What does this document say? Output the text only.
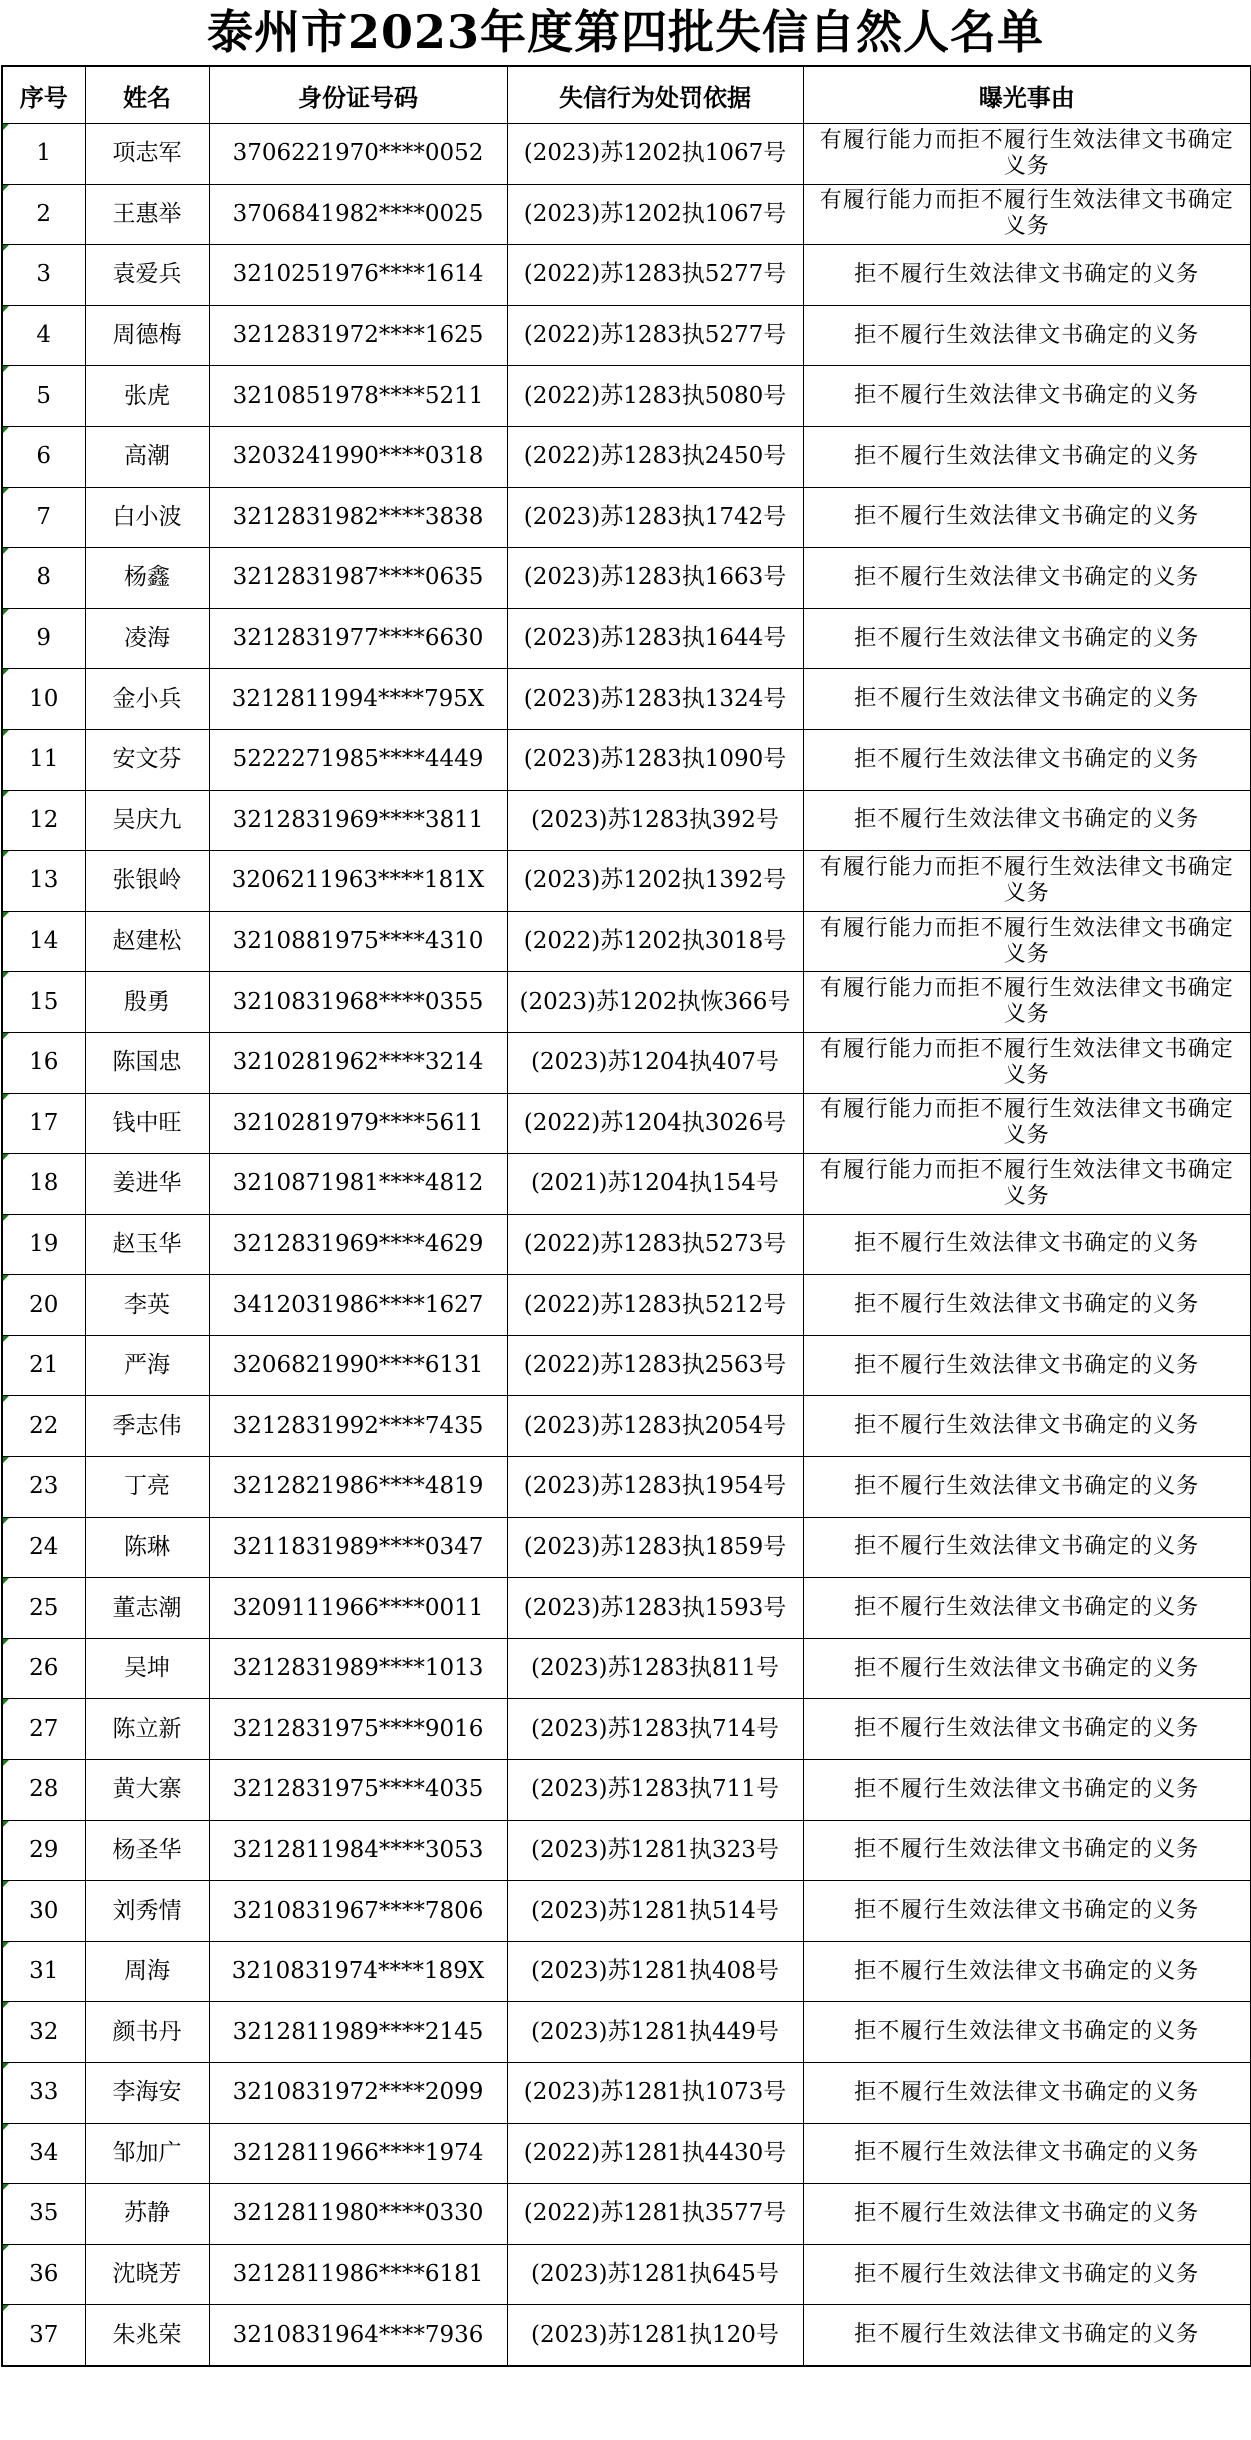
泰州市2023年度第四批失信自然人名单
序号	姓名	身份证号码	失信行为处罚依据	曝光事由
1	项志军	3706221970****0052	(2023)苏1202执1067号	有履行能力而拒不履行生效法律文书确定义务
2	王惠举	3706841982****0025	(2023)苏1202执1067号	有履行能力而拒不履行生效法律文书确定义务
3	袁爱兵	3210251976****1614	(2022)苏1283执5277号	拒不履行生效法律文书确定的义务
4	周德梅	3212831972****1625	(2022)苏1283执5277号	拒不履行生效法律文书确定的义务
5	张虎	3210851978****5211	(2022)苏1283执5080号	拒不履行生效法律文书确定的义务
6	高潮	3203241990****0318	(2022)苏1283执2450号	拒不履行生效法律文书确定的义务
7	白小波	3212831982****3838	(2023)苏1283执1742号	拒不履行生效法律文书确定的义务
8	杨鑫	3212831987****0635	(2023)苏1283执1663号	拒不履行生效法律文书确定的义务
9	凌海	3212831977****6630	(2023)苏1283执1644号	拒不履行生效法律文书确定的义务
10	金小兵	3212811994****795X	(2023)苏1283执1324号	拒不履行生效法律文书确定的义务
11	安文芬	5222271985****4449	(2023)苏1283执1090号	拒不履行生效法律文书确定的义务
12	吴庆九	3212831969****3811	(2023)苏1283执392号	拒不履行生效法律文书确定的义务
13	张银岭	3206211963****181X	(2023)苏1202执1392号	有履行能力而拒不履行生效法律文书确定义务
14	赵建松	3210881975****4310	(2022)苏1202执3018号	有履行能力而拒不履行生效法律文书确定义务
15	殷勇	3210831968****0355	(2023)苏1202执恢366号	有履行能力而拒不履行生效法律文书确定义务
16	陈国忠	3210281962****3214	(2023)苏1204执407号	有履行能力而拒不履行生效法律文书确定义务
17	钱中旺	3210281979****5611	(2022)苏1204执3026号	有履行能力而拒不履行生效法律文书确定义务
18	姜进华	3210871981****4812	(2021)苏1204执154号	有履行能力而拒不履行生效法律文书确定义务
19	赵玉华	3212831969****4629	(2022)苏1283执5273号	拒不履行生效法律文书确定的义务
20	李英	3412031986****1627	(2022)苏1283执5212号	拒不履行生效法律文书确定的义务
21	严海	3206821990****6131	(2022)苏1283执2563号	拒不履行生效法律文书确定的义务
22	季志伟	3212831992****7435	(2023)苏1283执2054号	拒不履行生效法律文书确定的义务
23	丁亮	3212821986****4819	(2023)苏1283执1954号	拒不履行生效法律文书确定的义务
24	陈琳	3211831989****0347	(2023)苏1283执1859号	拒不履行生效法律文书确定的义务
25	董志潮	3209111966****0011	(2023)苏1283执1593号	拒不履行生效法律文书确定的义务
26	吴坤	3212831989****1013	(2023)苏1283执811号	拒不履行生效法律文书确定的义务
27	陈立新	3212831975****9016	(2023)苏1283执714号	拒不履行生效法律文书确定的义务
28	黄大寨	3212831975****4035	(2023)苏1283执711号	拒不履行生效法律文书确定的义务
29	杨圣华	3212811984****3053	(2023)苏1281执323号	拒不履行生效法律文书确定的义务
30	刘秀情	3210831967****7806	(2023)苏1281执514号	拒不履行生效法律文书确定的义务
31	周海	3210831974****189X	(2023)苏1281执408号	拒不履行生效法律文书确定的义务
32	颜书丹	3212811989****2145	(2023)苏1281执449号	拒不履行生效法律文书确定的义务
33	李海安	3210831972****2099	(2023)苏1281执1073号	拒不履行生效法律文书确定的义务
34	邹加广	3212811966****1974	(2022)苏1281执4430号	拒不履行生效法律文书确定的义务
35	苏静	3212811980****0330	(2022)苏1281执3577号	拒不履行生效法律文书确定的义务
36	沈晓芳	3212811986****6181	(2023)苏1281执645号	拒不履行生效法律文书确定的义务
37	朱兆荣	3210831964****7936	(2023)苏1281执120号	拒不履行生效法律文书确定的义务
